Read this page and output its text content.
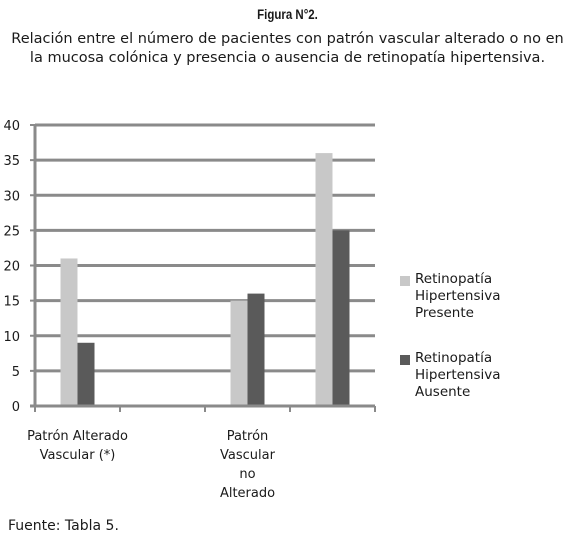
Figura N°2.
Relación entre el número de pacientes con patrón vascular alterado o no en
la mucosa colónica y presencia o ausencia de retinopatía hipertensiva.
0
5
10
15
20
25
30
35
40
Patrón Alterado
Vascular (*)
Patrón
Vascular
no
Alterado
Retinopatía Hipertensiva
Presente
Retinopatía Hipertensiva
Ausente
Fuente: Tabla 5.
